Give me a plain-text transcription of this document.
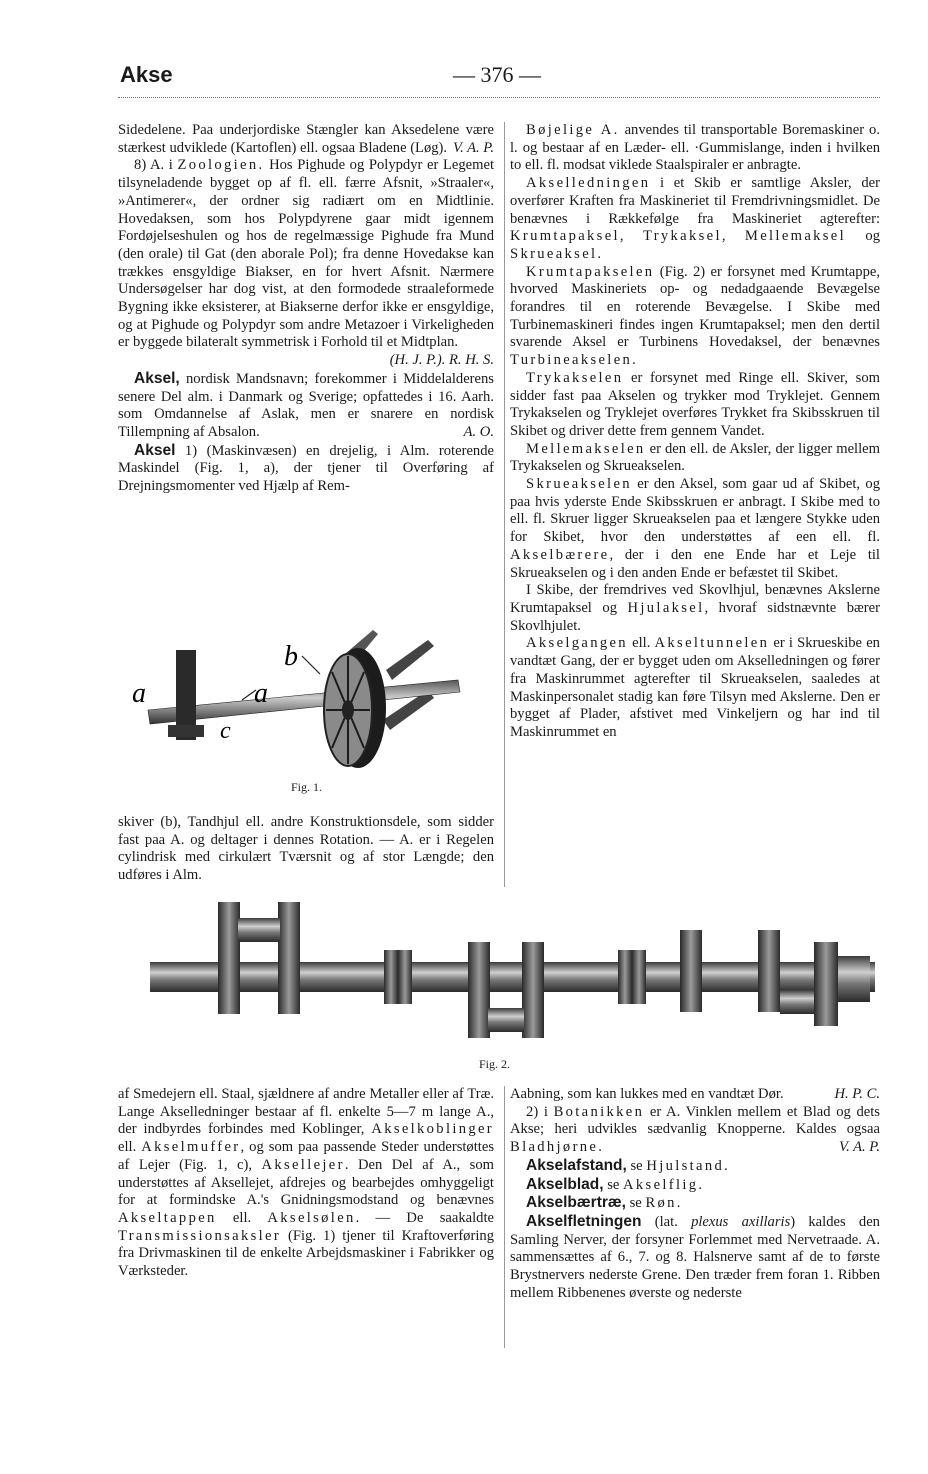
Akse	— 376 —

Sidedelene. Paa underjordiske Stængler kan Aksedelene være stærkest udviklede (Kartoflen) ell. ogsaa Bladene (Løg). V. A. P.

8) A. i Zoologien. Hos Pighude og Polypdyr er Legemet tilsyneladende bygget op af fl. ell. færre Afsnit, »Straaler«, »Antimerer«, der ordner sig radiært om en Midtlinie. Hovedaksen, som hos Polypdyrene gaar midt igennem Fordøjelseshulen og hos de regelmæssige Pighude fra Mund (den orale) til Gat (den aborale Pol); fra denne Hovedakse kan trækkes ensgyldige Biakser, en for hvert Afsnit. Nærmere Undersøgelser har dog vist, at den formodede straaleformede Bygning ikke eksisterer, at Biakserne derfor ikke er ensgyldige, og at Pighude og Polypdyr som andre Metazoer i Virkeligheden er byggede bilateralt symmetrisk i Forhold til et Midtplan.
(H. J. P.). R. H. S.

Aksel, nordisk Mandsnavn; forekommer i Middelalderens senere Del alm. i Danmark og Sverige; opfattedes i 16. Aarh. som Omdannelse af Aslak, men er snarere en nordisk Tillempning af Absalon.	A. O.

Aksel 1) (Maskinvæsen) en drejelig, i Alm. roterende Maskindel (Fig. 1, a), der tjener til Overføring af Drejningsmomenter ved Hjælp af Rem-

a	a
b
c
Fig. 1.

skiver (b), Tandhjul ell. andre Konstruktionsdele, som sidder fast paa A. og deltager i dennes Rotation. — A. er i Regelen cylindrisk med cirkulært Tværsnit og af stor Længde; den udføres i Alm.

Bøjelige A. anvendes til transportable Boremaskiner o. l. og bestaar af en Læder- ell. ·Gummislange, inden i hvilken to ell. fl. modsat viklede Staalspiraler er anbragte.

Akselledningen i et Skib er samtlige Aksler, der overfører Kraften fra Maskineriet til Fremdrivningsmidlet. De benævnes i Rækkefølge fra Maskineriet agterefter: Krumtapaksel, Trykaksel, Mellemaksel og Skrueaksel.

Krumtapakselen (Fig. 2) er forsynet med Krumtappe, hvorved Maskineriets op- og nedadgaaende Bevægelse forandres til en roterende Bevægelse. I Skibe med Turbinemaskineri findes ingen Krumtapaksel; men den dertil svarende Aksel er Turbinens Hovedaksel, der benævnes Turbineakselen.

Trykakselen er forsynet med Ringe ell. Skiver, som sidder fast paa Akselen og trykker mod Tryklejet. Gennem Trykakselen og Tryklejet overføres Trykket fra Skibsskruen til Skibet og driver dette frem gennem Vandet.

Mellemakselen er den ell. de Aksler, der ligger mellem Trykakselen og Skrueakselen.

Skrueakselen er den Aksel, som gaar ud af Skibet, og paa hvis yderste Ende Skibsskruen er anbragt. I Skibe med to ell. fl. Skruer ligger Skrueakselen paa et længere Stykke uden for Skibet, hvor den understøttes af een ell. fl. Akselbærere, der i den ene Ende har et Leje til Skrueakselen og i den anden Ende er befæstet til Skibet.

I Skibe, der fremdrives ved Skovlhjul, benævnes Akslerne Krumtapaksel og Hjulaksel, hvoraf sidstnævnte bærer Skovlhjulet.

Akselgangen ell. Akseltunnelen er i Skrueskibe en vandtæt Gang, der er bygget uden om Akselledningen og fører fra Maskinrummet agterefter til Skrueakselen, saaledes at Maskinpersonalet stadig kan føre Tilsyn med Akslerne. Den er bygget af Plader, afstivet med Vinkeljern og har ind til Maskinrummet en

Fig. 2.

af Smedejern ell. Staal, sjældnere af andre Metaller eller af Træ. Lange Akselledninger bestaar af fl. enkelte 5—7 m lange A., der indbyrdes forbindes med Koblinger, Akselkoblinger ell. Akselmuffer, og som paa passende Steder understøttes af Lejer (Fig. 1, c), Aksellejer. Den Del af A., som understøttes af Aksellejet, afdrejes og bearbejdes omhyggeligt for at formindske A.'s Gnidningsmodstand og benævnes Akseltappen ell. Akselsølen. — De saakaldte Transmissionsaksler (Fig. 1) tjener til Kraftoverføring fra Drivmaskinen til de enkelte Arbejdsmaskiner i Fabrikker og Værksteder.

Aabning, som kan lukkes med en vandtæt Dør.	H. P. C.

2) i Botanikken er A. Vinklen mellem et Blad og dets Akse; heri udvikles sædvanlig Knopperne. Kaldes ogsaa Bladhjørne.	V. A. P.

Akselafstand, se Hjulstand.

Akselblad, se Akselflig.

Akselbærtræ, se Røn.

Akselfletningen (lat. plexus axillaris) kaldes den Samling Nerver, der forsyner Forlemmet med Nervetraade. A. sammensættes af 6., 7. og 8. Halsnerve samt af de to første Brystnervers nederste Grene. Den træder frem foran 1. Ribben mellem Ribbenenes øverste og nederste
